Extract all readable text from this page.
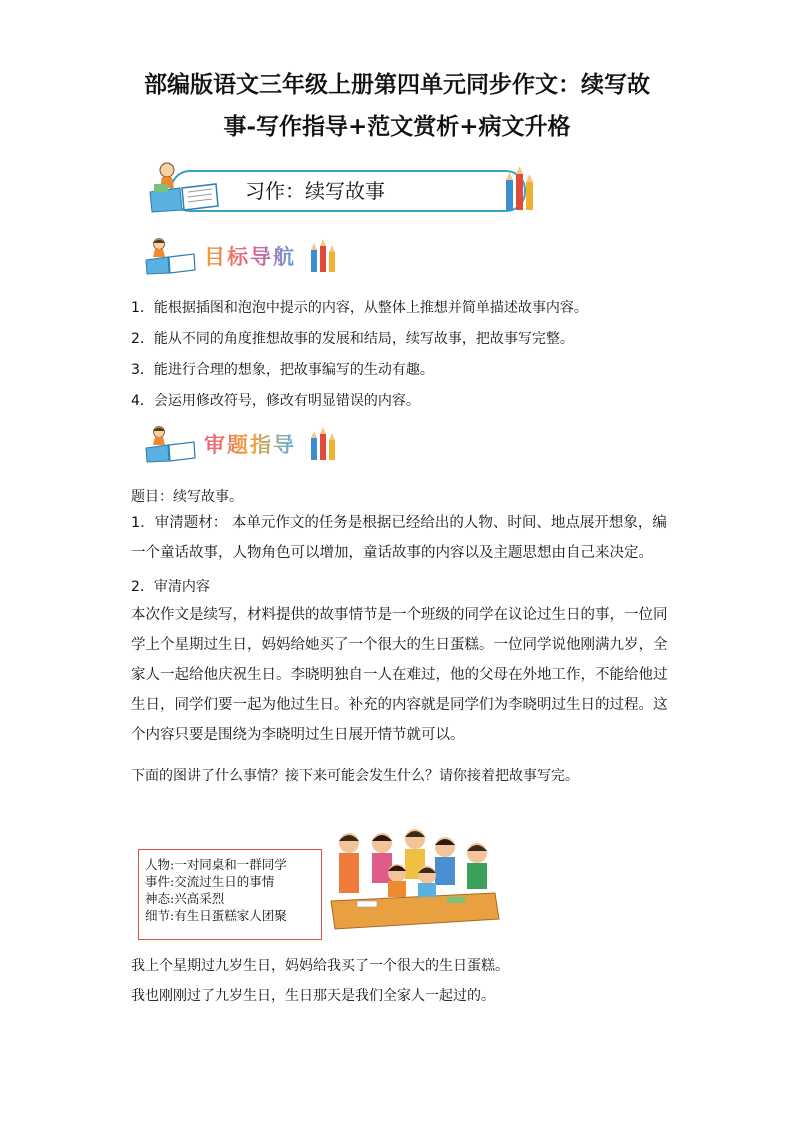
部编版语文三年级上册第四单元同步作文：续写故
事-写作指导+范文赏析+病文升格
习作：续写故事
目标导航
1．能根据插图和泡泡中提示的内容，从整体上推想并简单描述故事内容。
2．能从不同的角度推想故事的发展和结局，续写故事，把故事写完整。
3．能进行合理的想象，把故事编写的生动有趣。
4．会运用修改符号，修改有明显错误的内容。
审题指导
题目：续写故事。
1．审清题材： 本单元作文的任务是根据已经给出的人物、时间、地点展开想象，编一个童话故事，人物角色可以增加，童话故事的内容以及主题思想由自己来决定。
2．审清内容
本次作文是续写，材料提供的故事情节是一个班级的同学在议论过生日的事，一位同学上个星期过生日，妈妈给她买了一个很大的生日蛋糕。一位同学说他刚满九岁，全家人一起给他庆祝生日。李晓明独自一人在难过，他的父母在外地工作，不能给他过生日，同学们要一起为他过生日。补充的内容就是同学们为李晓明过生日的过程。这个内容只要是围绕为李晓明过生日展开情节就可以。
下面的图讲了什么事情？接下来可能会发生什么？请你接着把故事写完。
人物:一对同桌和一群同学
事件:交流过生日的事情
神态:兴高采烈
细节:有生日蛋糕家人团聚
我上个星期过九岁生日，妈妈给我买了一个很大的生日蛋糕。
我也刚刚过了九岁生日，生日那天是我们全家人一起过的。
